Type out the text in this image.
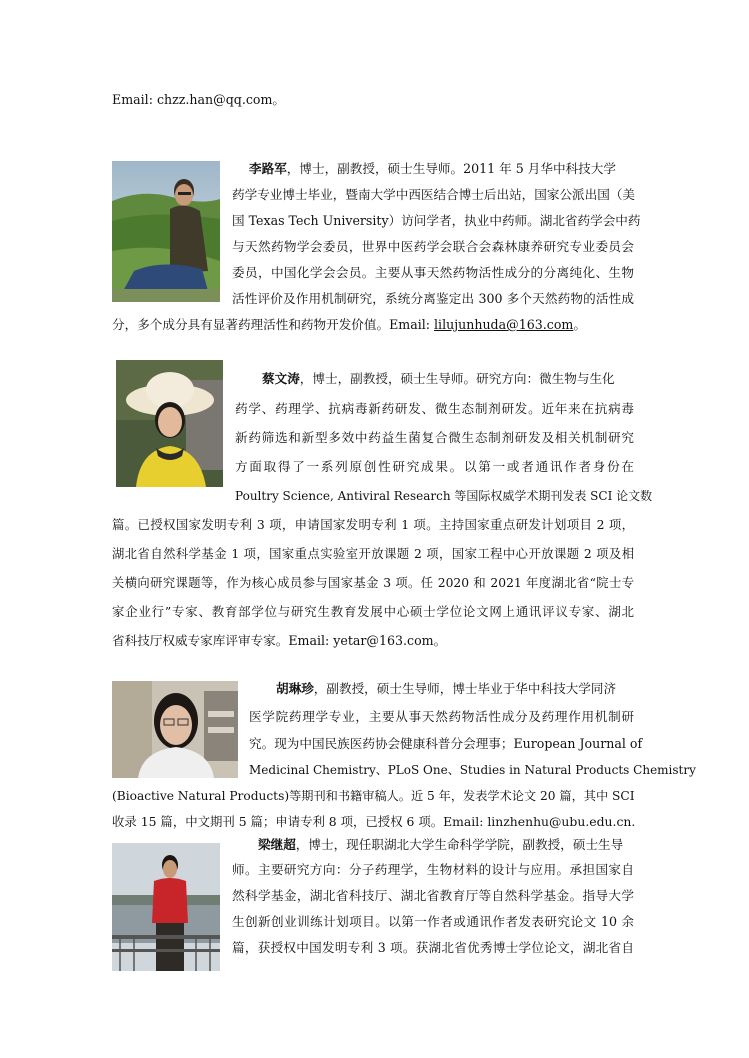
Email: chzz.han@qq.com。
李路军，博士，副教授，硕士生导师。2011 年 5 月华中科技大学
药学专业博士毕业，暨南大学中西医结合博士后出站，国家公派出国（美
国 Texas Tech University）访问学者，执业中药师。湖北省药学会中药
与天然药物学会委员，世界中医药学会联合会森林康养研究专业委员会
委员，中国化学会会员。主要从事天然药物活性成分的分离纯化、生物
活性评价及作用机制研究，系统分离鉴定出 300 多个天然药物的活性成
分，多个成分具有显著药理活性和药物开发价值。Email: lilujunhuda@163.com。
蔡文涛，博士，副教授，硕士生导师。研究方向：微生物与生化
药学、药理学、抗病毒新药研发、微生态制剂研发。近年来在抗病毒
新药筛选和新型多效中药益生菌复合微生态制剂研发及相关机制研究
方面取得了一系列原创性研究成果。以第一或者通讯作者身份在
Poultry Science, Antiviral Research 等国际权威学术期刊发表 SCI 论文数
篇。已授权国家发明专利 3 项，申请国家发明专利 1 项。主持国家重点研发计划项目 2 项，
湖北省自然科学基金 1 项，国家重点实验室开放课题 2 项，国家工程中心开放课题 2 项及相
关横向研究课题等，作为核心成员参与国家基金 3 项。任 2020 和 2021 年度湖北省“院士专
家企业行”专家、教育部学位与研究生教育发展中心硕士学位论文网上通讯评议专家、湖北
省科技厅权威专家库评审专家。Email: yetar@163.com。
胡琳珍，副教授，硕士生导师，博士毕业于华中科技大学同济
医学院药理学专业，主要从事天然药物活性成分及药理作用机制研
究。现为中国民族医药协会健康科普分会理事；European Journal of
Medicinal Chemistry、PLoS One、Studies in Natural Products Chemistry
(Bioactive Natural Products)等期刊和书籍审稿人。近 5 年，发表学术论文 20 篇，其中 SCI
收录 15 篇，中文期刊 5 篇；申请专利 8 项，已授权 6 项。Email: linzhenhu@ubu.edu.cn.
梁继超，博士，现任职湖北大学生命科学学院，副教授，硕士生导
师。主要研究方向：分子药理学，生物材料的设计与应用。承担国家自
然科学基金，湖北省科技厅、湖北省教育厅等自然科学基金。指导大学
生创新创业训练计划项目。以第一作者或通讯作者发表研究论文 10 余
篇，获授权中国发明专利 3 项。获湖北省优秀博士学位论文，湖北省自
